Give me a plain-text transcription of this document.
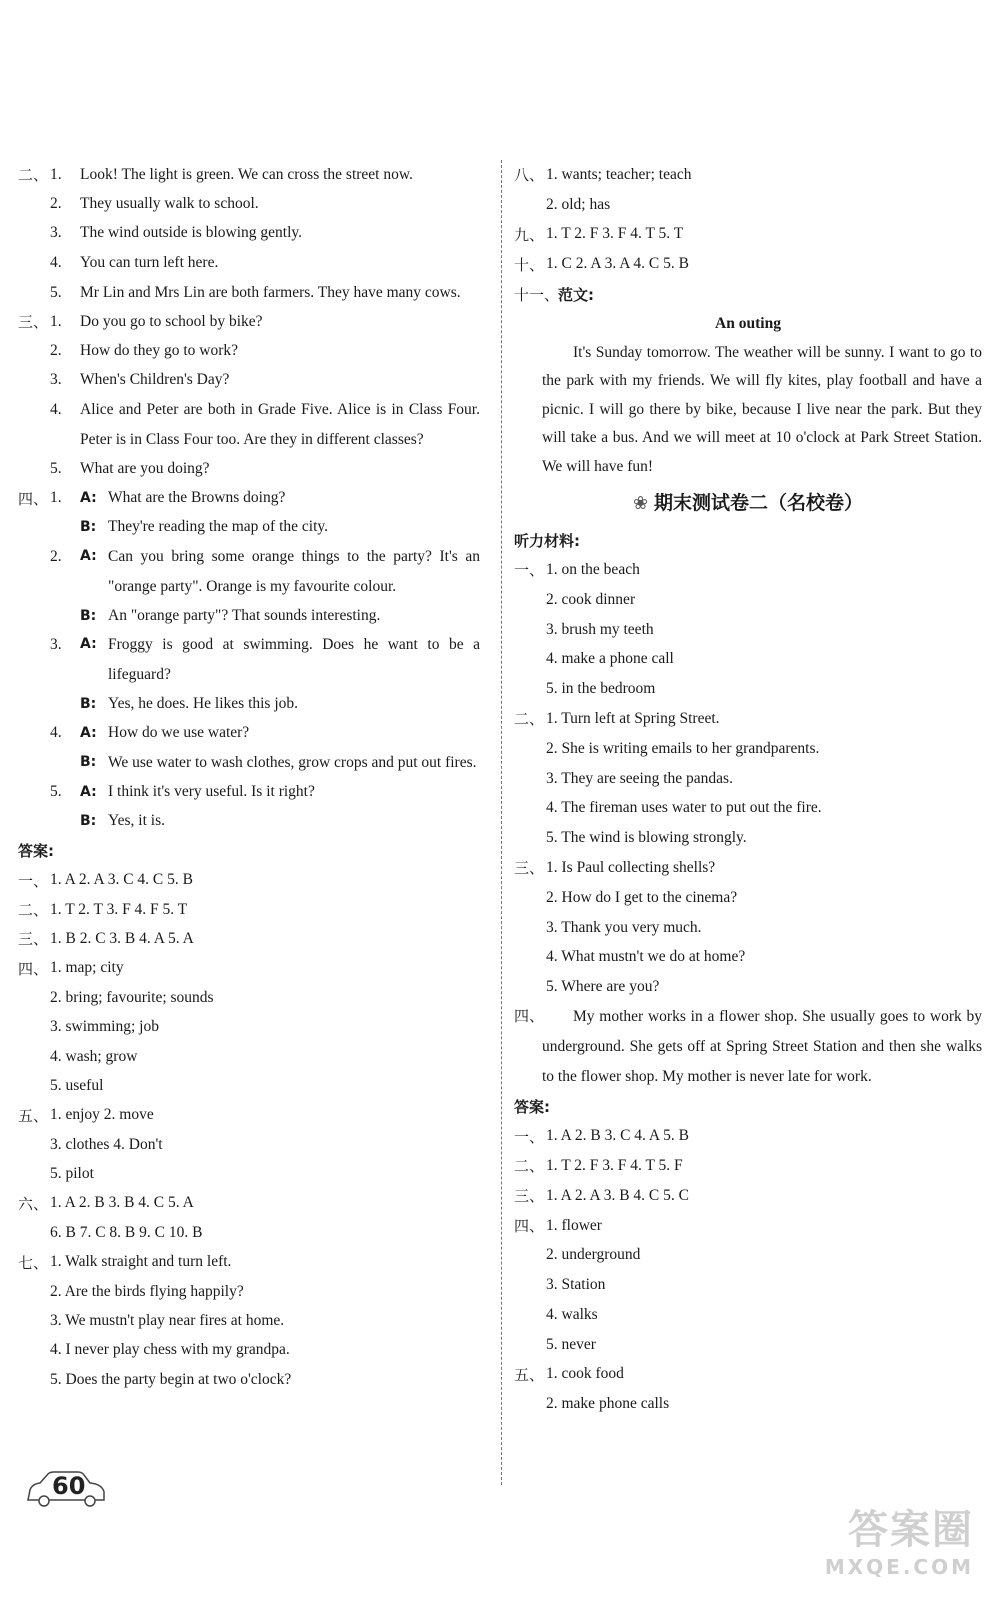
二、 1.	Look! The light is green. We can cross the street now.
2.	They usually walk to school.
3.	The wind outside is blowing gently.
4.	You can turn left here.
5.	Mr Lin and Mrs Lin are both farmers. They have many cows.
三、 1.	Do you go to school by bike?
2.	How do they go to work?
3.	When's Children's Day?
4.	Alice and Peter are both in Grade Five. Alice is in Class Four. Peter is in Class Four too. Are they in different classes?
5.	What are you doing?
四、 1.	A: What are the Browns doing?
B: They're reading the map of the city.
2.	A: Can you bring some orange things to the party? It's an "orange party". Orange is my favourite colour.
B: An "orange party"? That sounds interesting.
3.	A: Froggy is good at swimming. Does he want to be a lifeguard?
B: Yes, he does. He likes this job.
4.	A: How do we use water?
B: We use water to wash clothes, grow crops and put out fires.
5.	A: I think it's very useful. Is it right?
B: Yes, it is.
答案:
一、 1. A 2. A 3. C 4. C 5. B
二、 1. T 2. T 3. F 4. F 5. T
三、 1. B 2. C 3. B 4. A 5. A
四、 1. map; city
2. bring; favourite; sounds
3. swimming; job
4. wash; grow
5. useful
五、 1. enjoy 2. move
3. clothes 4. Don't
5. pilot
六、 1. A 2. B 3. B 4. C 5. A
6. B 7. C 8. B 9. C 10. B
七、 1. Walk straight and turn left.
2. Are the birds flying happily?
3. We mustn't play near fires at home.
4. I never play chess with my grandpa.
5. Does the party begin at two o'clock?
八、 1. wants; teacher; teach
2. old; has
九、 1. T 2. F 3. F 4. T 5. T
十、 1. C 2. A 3. A 4. C 5. B
十一、
范文:
An outing
It's Sunday tomorrow. The weather will be sunny. I want to go to the park with my friends. We will fly kites, play football and have a picnic. I will go there by bike, because I live near the park. But they will take a bus. And we will meet at 10 o'clock at Park Street Station. We will have fun!
❀ 期末测试卷二（名校卷）
听力材料:
一、 1. on the beach
2. cook dinner
3. brush my teeth
4. make a phone call
5. in the bedroom
二、 1. Turn left at Spring Street.
2. She is writing emails to her grandparents.
3. They are seeing the pandas.
4. The fireman uses water to put out the fire.
5. The wind is blowing strongly.
三、 1. Is Paul collecting shells?
2. How do I get to the cinema?
3. Thank you very much.
4. What mustn't we do at home?
5. Where are you?
四、	My mother works in a flower shop. She usually goes to work by underground. She gets off at Spring Street Station and then she walks to the flower shop. My mother is never late for work.
答案:
一、 1. A 2. B 3. C 4. A 5. B
二、 1. T 2. F 3. F 4. T 5. F
三、 1. A 2. A 3. B 4. C 5. C
四、 1. flower
2. underground
3. Station
4. walks
5. never
五、 1. cook food
2. make phone calls
60
答案圈
MXQE.COM
